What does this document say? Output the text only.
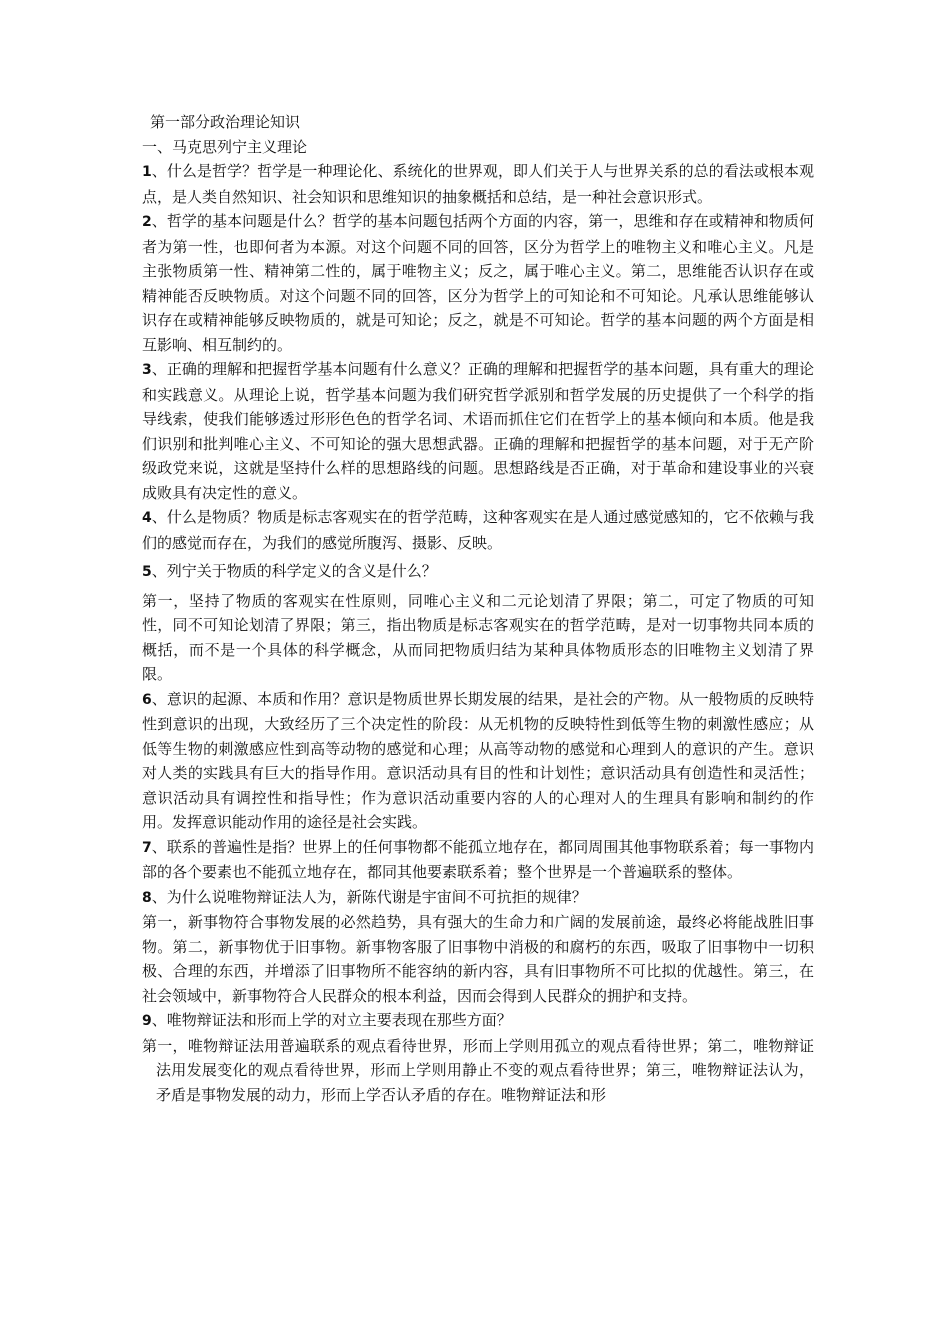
第一部分政治理论知识

一、马克思列宁主义理论

1、什么是哲学？哲学是一种理论化、系统化的世界观，即人们关于人与世界关系的总的看法或根本观点，是人类自然知识、社会知识和思维知识的抽象概括和总结，是一种社会意识形式。

2、哲学的基本问题是什么？哲学的基本问题包括两个方面的内容，第一，思维和存在或精神和物质何者为第一性，也即何者为本源。对这个问题不同的回答，区分为哲学上的唯物主义和唯心主义。凡是主张物质第一性、精神第二性的，属于唯物主义；反之，属于唯心主义。第二，思维能否认识存在或精神能否反映物质。对这个问题不同的回答，区分为哲学上的可知论和不可知论。凡承认思维能够认识存在或精神能够反映物质的，就是可知论；反之，就是不可知论。哲学的基本问题的两个方面是相互影响、相互制约的。

3、正确的理解和把握哲学基本问题有什么意义？正确的理解和把握哲学的基本问题，具有重大的理论和实践意义。从理论上说，哲学基本问题为我们研究哲学派别和哲学发展的历史提供了一个科学的指导线索，使我们能够透过形形色色的哲学名词、术语而抓住它们在哲学上的基本倾向和本质。他是我们识别和批判唯心主义、不可知论的强大思想武器。正确的理解和把握哲学的基本问题，对于无产阶级政党来说，这就是坚持什么样的思想路线的问题。思想路线是否正确，对于革命和建设事业的兴衰成败具有决定性的意义。

4、什么是物质？物质是标志客观实在的哲学范畴，这种客观实在是人通过感觉感知的，它不依赖与我们的感觉而存在，为我们的感觉所腹泻、摄影、反映。

5、列宁关于物质的科学定义的含义是什么？

第一，坚持了物质的客观实在性原则，同唯心主义和二元论划清了界限；第二，可定了物质的可知性，同不可知论划清了界限；第三，指出物质是标志客观实在的哲学范畴，是对一切事物共同本质的概括，而不是一个具体的科学概念，从而同把物质归结为某种具体物质形态的旧唯物主义划清了界限。

6、意识的起源、本质和作用？意识是物质世界长期发展的结果，是社会的产物。从一般物质的反映特性到意识的出现，大致经历了三个决定性的阶段：从无机物的反映特性到低等生物的刺激性感应；从低等生物的刺激感应性到高等动物的感觉和心理；从高等动物的感觉和心理到人的意识的产生。意识对人类的实践具有巨大的指导作用。意识活动具有目的性和计划性；意识活动具有创造性和灵活性；意识活动具有调控性和指导性；作为意识活动重要内容的人的心理对人的生理具有影响和制约的作用。发挥意识能动作用的途径是社会实践。

7、联系的普遍性是指？世界上的任何事物都不能孤立地存在，都同周围其他事物联系着；每一事物内部的各个要素也不能孤立地存在，都同其他要素联系着；整个世界是一个普遍联系的整体。

8、为什么说唯物辩证法人为，新陈代谢是宇宙间不可抗拒的规律？

第一，新事物符合事物发展的必然趋势，具有强大的生命力和广阔的发展前途，最终必将能战胜旧事物。第二，新事物优于旧事物。新事物客服了旧事物中消极的和腐朽的东西，吸取了旧事物中一切积极、合理的东西，并增添了旧事物所不能容纳的新内容，具有旧事物所不可比拟的优越性。第三，在社会领域中，新事物符合人民群众的根本利益，因而会得到人民群众的拥护和支持。

9、唯物辩证法和形而上学的对立主要表现在那些方面？

第一，唯物辩证法用普遍联系的观点看待世界，形而上学则用孤立的观点看待世界；第二，唯物辩证法用发展变化的观点看待世界，形而上学则用静止不变的观点看待世界；第三，唯物辩证法认为，矛盾是事物发展的动力，形而上学否认矛盾的存在。唯物辩证法和形
